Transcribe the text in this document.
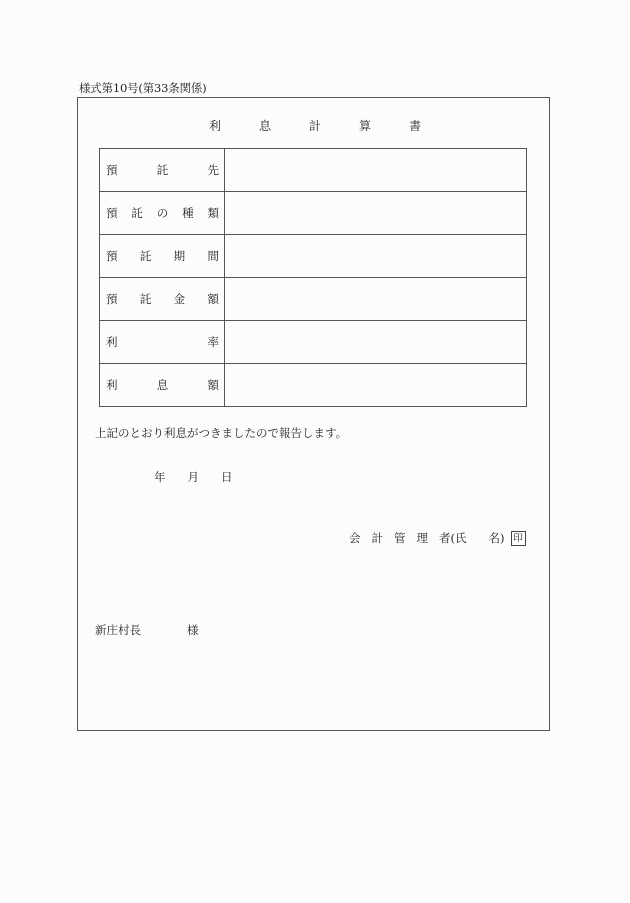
様式第10号(第33条関係)
利	息	計	算	書
預 託 先	

預 託 の 種 類	

預 託 期 間	

預 託 金 額	

利 率	

利 息 額	

上記のとおり利息がつきましたので報告します。
年 月 日
会 計 管 理 者 (氏 名) 印
新庄村長	様
